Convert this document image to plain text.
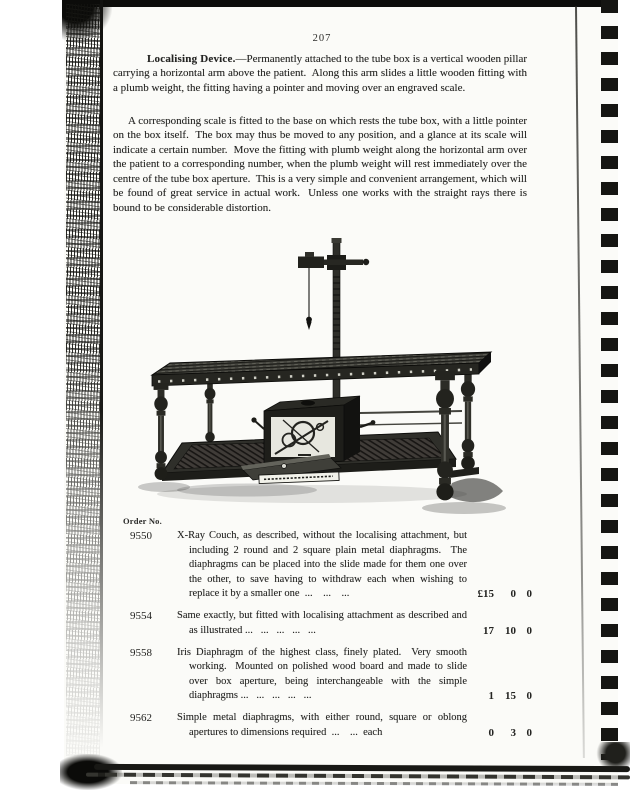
207

Localising Device.—Permanently attached to the tube box is a vertical wooden pillar carrying a horizontal arm above the patient.  Along this arm slides a little wooden fitting with a plumb weight, the fitting having a pointer and moving over an engraved scale.

A corresponding scale is fitted to the base on which rests the tube box, with a little pointer on the box itself.  The box may thus be moved to any position, and a glance at its scale will indicate a certain number.  Move the fitting with plumb weight along the horizontal arm over the patient to a corresponding number, when the plumb weight will rest immediately over the centre of the tube box aperture.  This is a very simple and convenient arrangement, which will be found of great service in actual work.  Unless one works with the straight rays there is bound to be considerable distortion.

Order No.
9550	X-Ray Couch, as described, without the localising attachment, but including 2 round and 2 square plain metal diaphragms.  The diaphragms can be placed into the slide made for them one over the other, to save having to withdraw each when wishing to replace it by a smaller one  ...    ...    ...	£15	0 0
9554	Same exactly, but fitted with localising attachment as described and as illustrated ...   ...   ...   ...   ...	17	10 0
9558	Iris Diaphragm of the highest class, finely plated.  Very smooth working.  Mounted on polished wood board and made to slide over box aperture, being interchangeable with the simple diaphragms ...   ...   ...   ...   ...	1	15 0
9562	Simple metal diaphragms, with either round, square or oblong apertures to dimensions required  ...    ...  each	0	3 0
